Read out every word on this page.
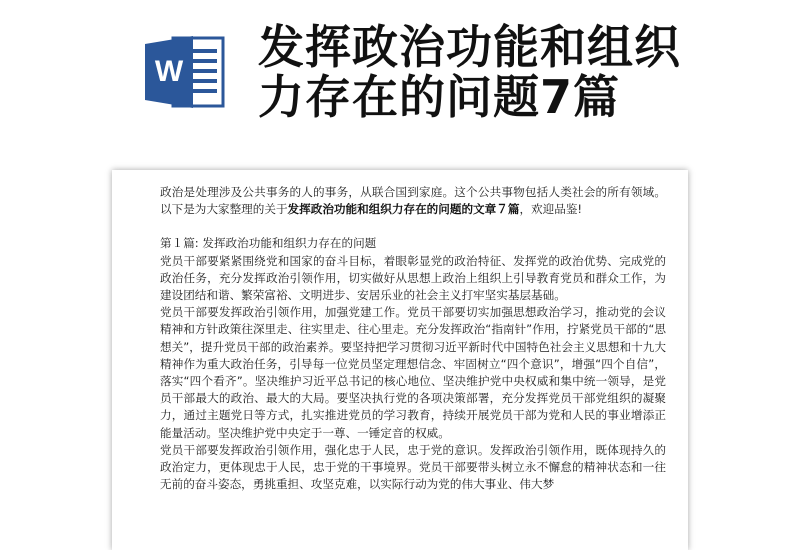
W 发挥政治功能和组织
力存在的问题7篇

政治是处理涉及公共事务的人的事务，从联合国到家庭。这个公共事物包括人类社会的所有领域。以下是为大家整理的关于发挥政治功能和组织力存在的问题的文章７篇，欢迎品鉴!

第１篇: 发挥政治功能和组织力存在的问题

党员干部要紧紧围绕党和国家的奋斗目标，着眼彰显党的政治特征、发挥党的政治优势、完成党的政治任务，充分发挥政治引领作用，切实做好从思想上政治上组织上引导教育党员和群众工作，为建设团结和谐、繁荣富裕、文明进步、安居乐业的社会主义打牢坚实基层基础。

党员干部要发挥政治引领作用，加强党建工作。党员干部要切实加强思想政治学习，推动党的会议精神和方针政策往深里走、往实里走、往心里走。充分发挥政治“指南针”作用，拧紧党员干部的“思想关”，提升党员干部的政治素养。要坚持把学习贯彻习近平新时代中国特色社会主义思想和十九大精神作为重大政治任务，引导每一位党员坚定理想信念、牢固树立“四个意识”，增强“四个自信”，落实“四个看齐”。坚决维护习近平总书记的核心地位、坚决维护党中央权威和集中统一领导，是党员干部最大的政治、最大的大局。要坚决执行党的各项决策部署，充分发挥党员干部党组织的凝聚力，通过主题党日等方式，扎实推进党员的学习教育，持续开展党员干部为党和人民的事业增添正能量活动。坚决维护党中央定于一尊、一锤定音的权威。

党员干部要发挥政治引领作用，强化忠于人民，忠于党的意识。发挥政治引领作用，既体现持久的政治定力，更体现忠于人民，忠于党的干事境界。党员干部要带头树立永不懈怠的精神状态和一往无前的奋斗姿态，勇挑重担、攻坚克难，以实际行动为党的伟大事业、伟大梦
